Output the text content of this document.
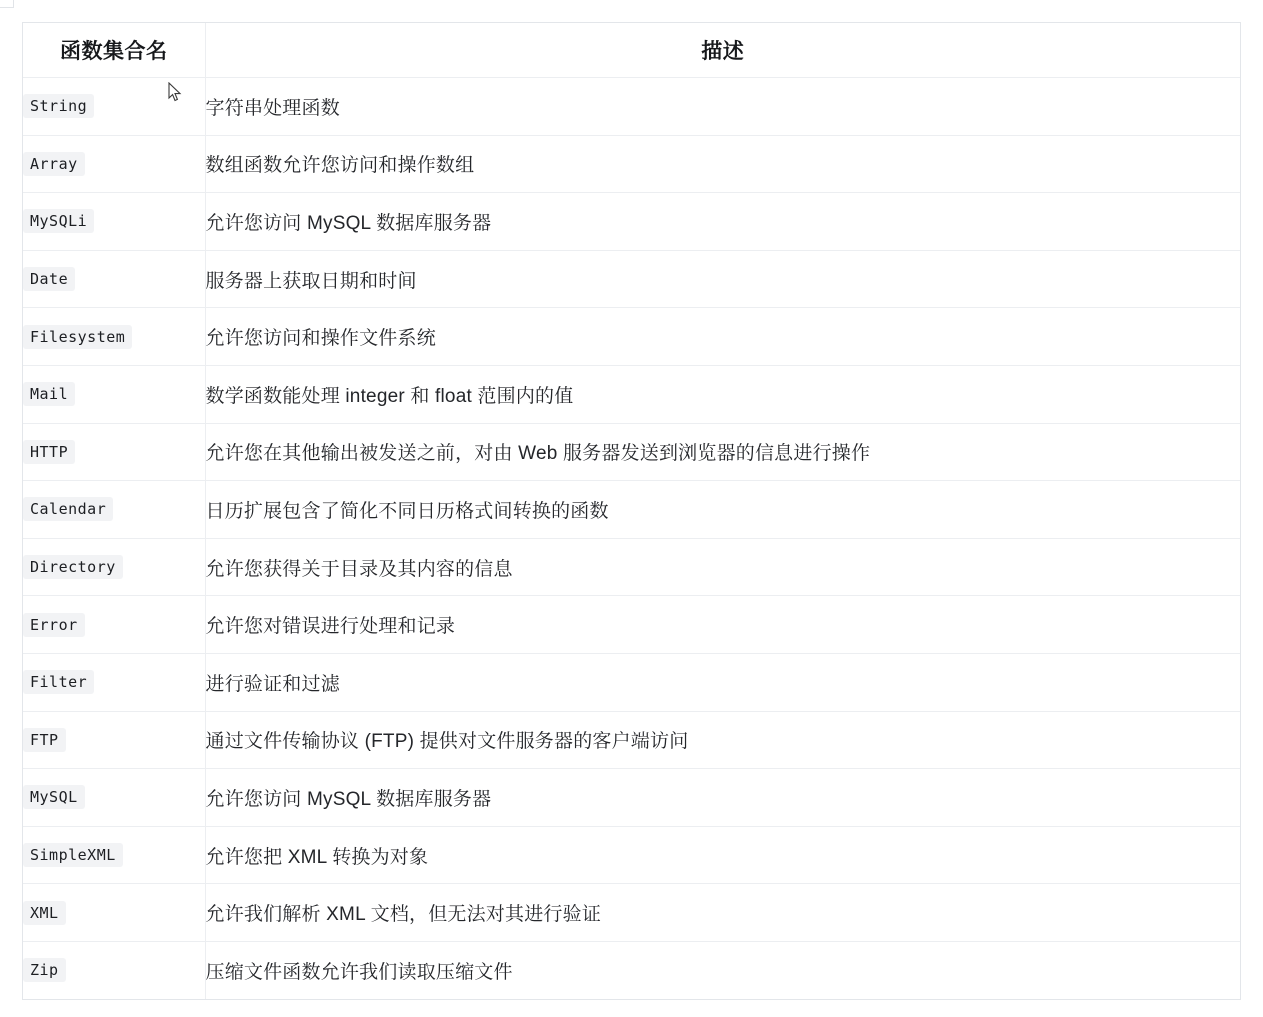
函数集合名	描述
String	字符串处理函数
Array	数组函数允许您访问和操作数组
MySQLi	允许您访问 MySQL 数据库服务器
Date	服务器上获取日期和时间
Filesystem	允许您访问和操作文件系统
Mail	数学函数能处理 integer 和 float 范围内的值
HTTP	允许您在其他输出被发送之前，对由 Web 服务器发送到浏览器的信息进行操作
Calendar	日历扩展包含了简化不同日历格式间转换的函数
Directory	允许您获得关于目录及其内容的信息
Error	允许您对错误进行处理和记录
Filter	进行验证和过滤
FTP	通过文件传输协议 (FTP) 提供对文件服务器的客户端访问
MySQL	允许您访问 MySQL 数据库服务器
SimpleXML	允许您把 XML 转换为对象
XML	允许我们解析 XML 文档，但无法对其进行验证
Zip	压缩文件函数允许我们读取压缩文件
